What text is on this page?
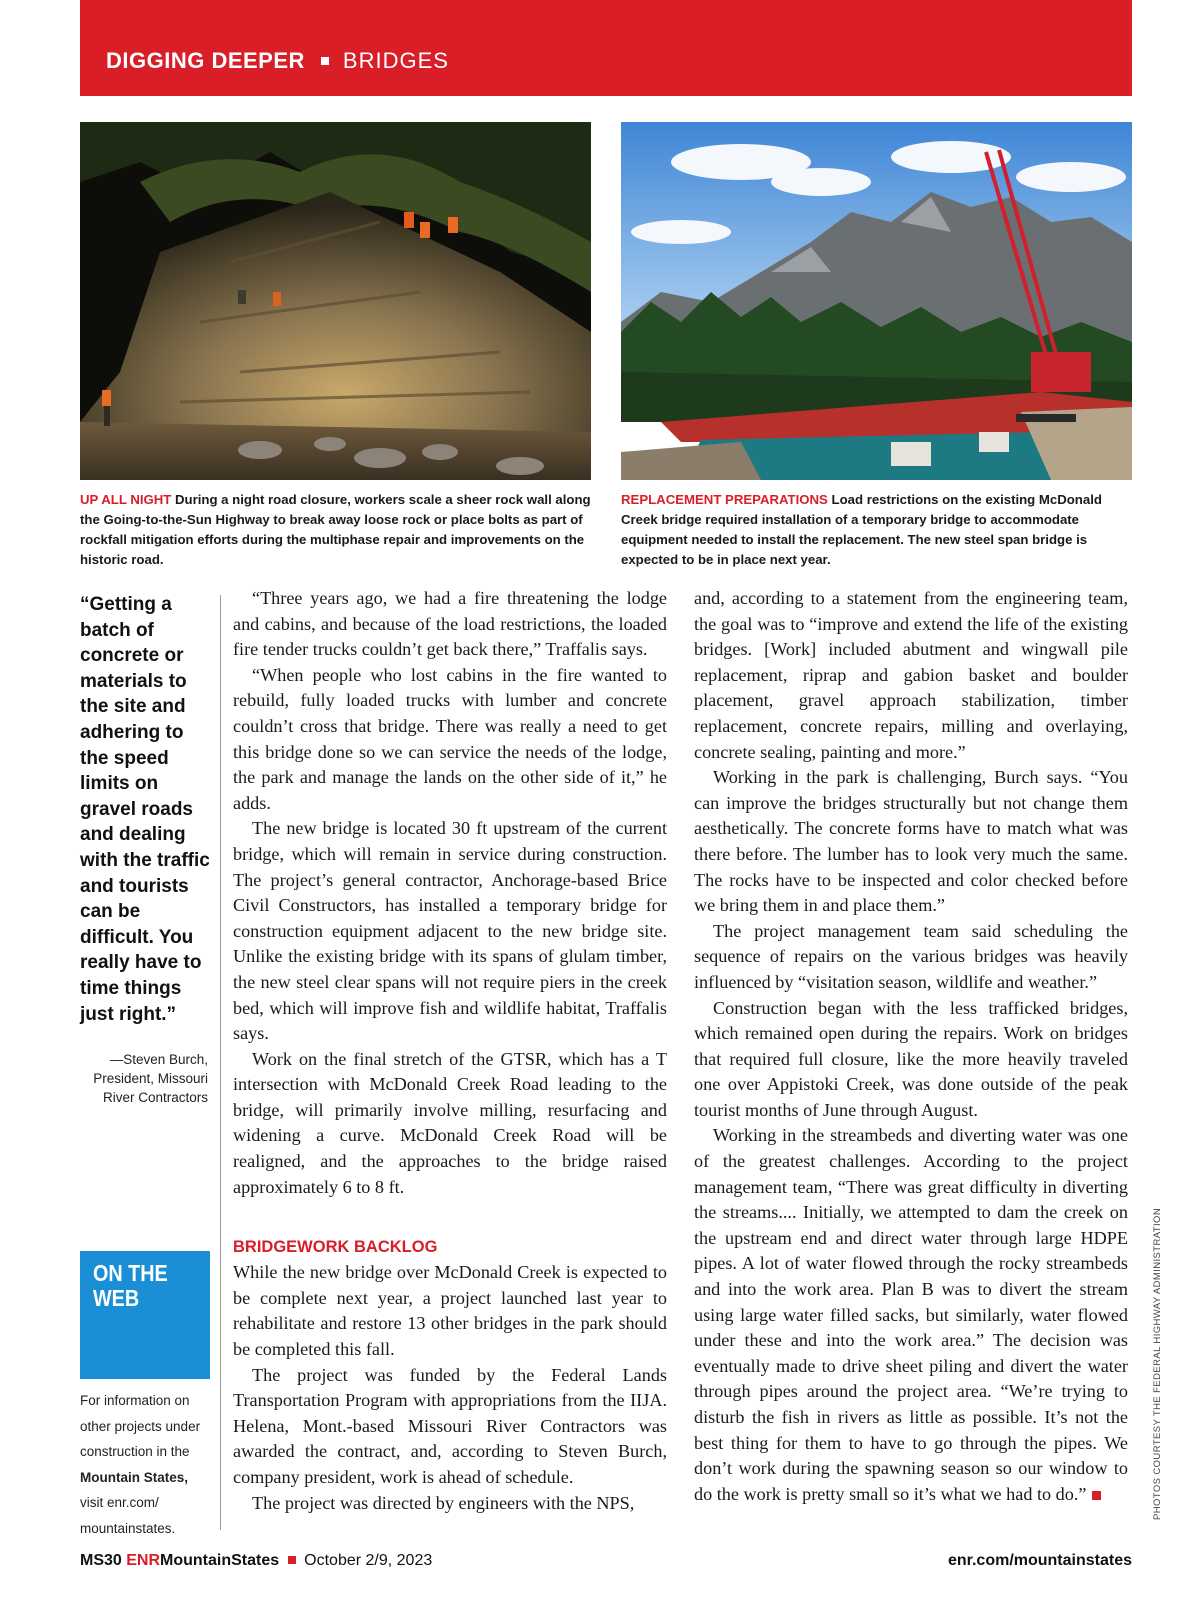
DIGGING DEEPER BRIDGES
UP ALL NIGHT During a night road closure, workers scale a sheer rock wall along the Going-to-the-Sun Highway to break away loose rock or place bolts as part of rockfall mitigation efforts during the multiphase repair and improvements on the historic road.
REPLACEMENT PREPARATIONS Load restrictions on the existing McDonald Creek bridge required installation of a temporary bridge to accommodate equipment needed to install the replacement. The new steel span bridge is expected to be in place next year.
“Getting a batch of concrete or materials to the site and adhering to the speed limits on gravel roads and dealing with the traffic and tourists can be difficult. You really have to time things just right.”
—Steven Burch, President, Missouri River Contractors
ON THE WEB
For information on other projects under construction in the Mountain States, visit enr.com/ mountainstates.

“Three years ago, we had a fire threatening the lodge and cabins, and because of the load restrictions, the loaded fire tender trucks couldn’t get back there,” Traffalis says.

“When people who lost cabins in the fire wanted to rebuild, fully loaded trucks with lumber and concrete couldn’t cross that bridge. There was really a need to get this bridge done so we can service the needs of the lodge, the park and manage the lands on the other side of it,” he adds.

The new bridge is located 30 ft upstream of the current bridge, which will remain in service during construction. The project’s general contractor, Anchorage-based Brice Civil Constructors, has installed a temporary bridge for construction equipment adjacent to the new bridge site. Unlike the existing bridge with its spans of glulam timber, the new steel clear spans will not require piers in the creek bed, which will improve fish and wildlife habitat, Traffalis says.

Work on the final stretch of the GTSR, which has a T intersection with McDonald Creek Road leading to the bridge, will primarily involve milling, resurfacing and widening a curve. McDonald Creek Road will be realigned, and the approaches to the bridge raised approximately 6 to 8 ft.

BRIDGEWORK BACKLOG

While the new bridge over McDonald Creek is expected to be complete next year, a project launched last year to rehabilitate and restore 13 other bridges in the park should be completed this fall.

The project was funded by the Federal Lands Transportation Program with appropriations from the IIJA. Helena, Mont.-based Missouri River Contractors was awarded the contract, and, according to Steven Burch, company president, work is ahead of schedule.

The project was directed by engineers with the NPS,

and, according to a statement from the engineering team, the goal was to “improve and extend the life of the existing bridges. [Work] included abutment and wingwall pile replacement, riprap and gabion basket and boulder placement, gravel approach stabilization, timber replacement, concrete repairs, milling and overlaying, concrete sealing, painting and more.”

Working in the park is challenging, Burch says. “You can improve the bridges structurally but not change them aesthetically. The concrete forms have to match what was there before. The lumber has to look very much the same. The rocks have to be inspected and color checked before we bring them in and place them.”

The project management team said scheduling the sequence of repairs on the various bridges was heavily influenced by “visitation season, wildlife and weather.”

Construction began with the less trafficked bridges, which remained open during the repairs. Work on bridges that required full closure, like the more heavily traveled one over Appistoki Creek, was done outside of the peak tourist months of June through August.

Working in the streambeds and diverting water was one of the greatest challenges. According to the project management team, “There was great difficulty in diverting the streams.... Initially, we attempted to dam the creek on the upstream end and direct water through large HDPE pipes. A lot of water flowed through the rocky streambeds and into the work area. Plan B was to divert the stream using large water filled sacks, but similarly, water flowed under these and into the work area.” The decision was eventually made to drive sheet piling and divert the water through pipes around the project area. “We’re trying to disturb the fish in rivers as little as possible. It’s not the best thing for them to have to go through the pipes. We don’t work during the spawning season so our window to do the work is pretty small so it’s what we had to do.”	PHOTOS COURTESY THE FEDERAL HIGHWAY ADMINISTRATION
MS30 ENRMountainStates October 2/9, 2023	enr.com/mountainstates
